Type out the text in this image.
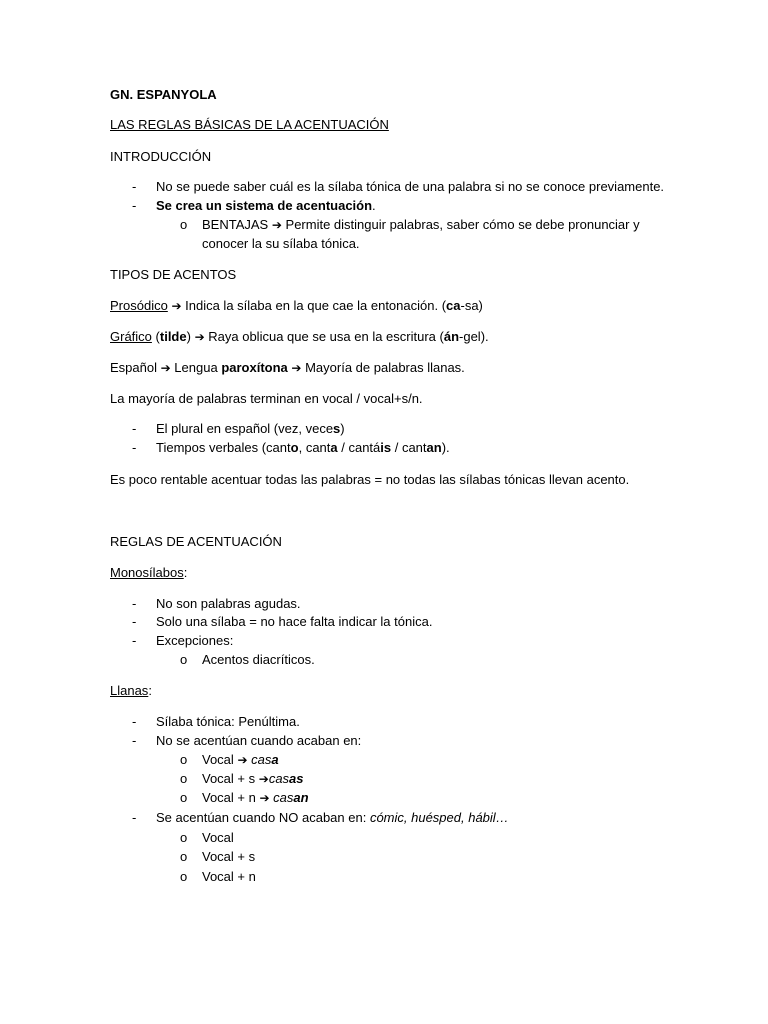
GN. ESPANYOLA
LAS REGLAS BÁSICAS DE LA ACENTUACIÓN
INTRODUCCIÓN
- No se puede saber cuál es la sílaba tónica de una palabra si no se conoce previamente.
- Se crea un sistema de acentuación.
o BENTAJAS ➔ Permite distinguir palabras, saber cómo se debe pronunciar y
conocer la su sílaba tónica.
TIPOS DE ACENTOS
Prosódico ➔ Indica la sílaba en la que cae la entonación. (ca-sa)
Gráfico (tilde) ➔ Raya oblicua que se usa en la escritura (án-gel).
Español ➔ Lengua paroxítona ➔ Mayoría de palabras llanas.
La mayoría de palabras terminan en vocal / vocal+s/n.
- El plural en español (vez, veces)
- Tiempos verbales (canto, canta / cantáis / cantan).
Es poco rentable acentuar todas las palabras = no todas las sílabas tónicas llevan acento.
REGLAS DE ACENTUACIÓN
Monosílabos:
- No son palabras agudas.
- Solo una sílaba = no hace falta indicar la tónica.
- Excepciones:
o Acentos diacríticos.
Llanas:
- Sílaba tónica: Penúltima.
- No se acentúan cuando acaban en:
o Vocal ➔ casa
o Vocal + s ➔casas
o Vocal + n ➔ casan
- Se acentúan cuando NO acaban en: cómic, huésped, hábil…
o Vocal
o Vocal + s
o Vocal + n
